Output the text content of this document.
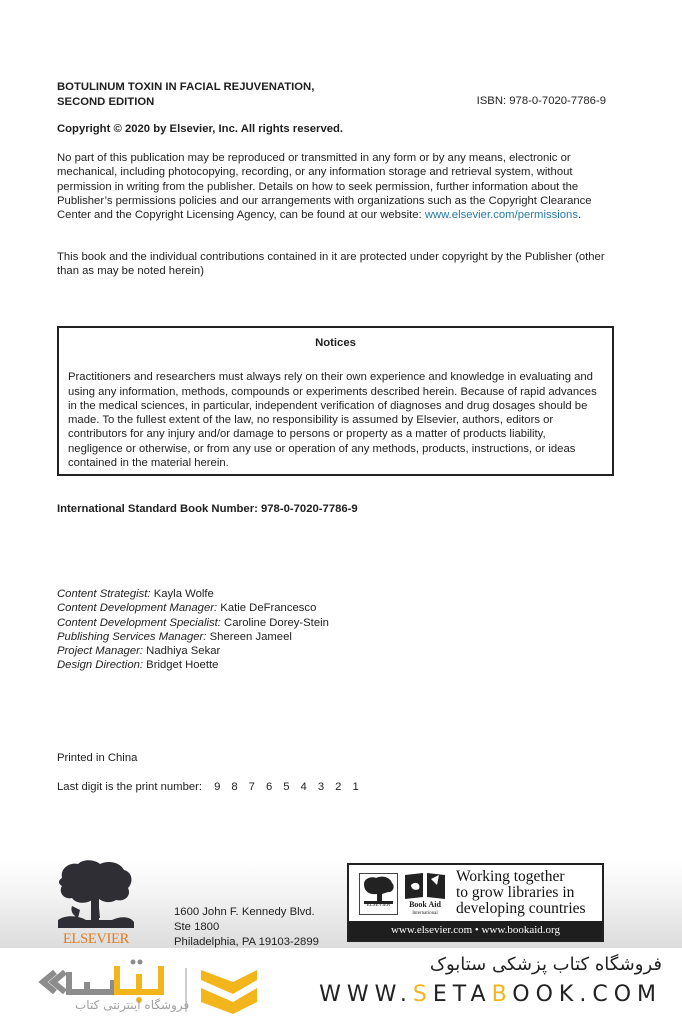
BOTULINUM TOXIN IN FACIAL REJUVENATION,
SECOND EDITION	ISBN: 978-0-7020-7786-9
Copyright © 2020 by Elsevier, Inc. All rights reserved.
No part of this publication may be reproduced or transmitted in any form or by any means, electronic or mechanical, including photocopying, recording, or any information storage and retrieval system, without permission in writing from the publisher. Details on how to seek permission, further information about the Publisher’s permissions policies and our arrangements with organizations such as the Copyright Clearance Center and the Copyright Licensing Agency, can be found at our website: www.elsevier.com/permissions.
This book and the individual contributions contained in it are protected under copyright by the Publisher (other than as may be noted herein)
Notices
Practitioners and researchers must always rely on their own experience and knowledge in evaluating and using any information, methods, compounds or experiments described herein. Because of rapid advances in the medical sciences, in particular, independent verification of diagnoses and drug dosages should be made. To the fullest extent of the law, no responsibility is assumed by Elsevier, authors, editors or contributors for any injury and/or damage to persons or property as a matter of products liability, negligence or otherwise, or from any use or operation of any methods, products, instructions, or ideas contained in the material herein.
International Standard Book Number: 978-0-7020-7786-9
Content Strategist: Kayla Wolfe
Content Development Manager: Katie DeFrancesco
Content Development Specialist: Caroline Dorey-Stein
Publishing Services Manager: Shereen Jameel
Project Manager: Nadhiya Sekar
Design Direction: Bridget Hoette
Printed in China
Last digit is the print number: 9 8 7 6 5 4 3 2 1
ELSEVIER
1600 John F. Kennedy Blvd.
Ste 1800
Philadelphia, PA 19103-2899
ELSEVIER	Book Aid
International
Working together
to grow libraries in
developing countries
www.elsevier.com • www.bookaid.org
فروشگاه اینترنتی کتاب
فروشگاه کتاب پزشکی ستابوک
WWW.SETABOOK.COM
